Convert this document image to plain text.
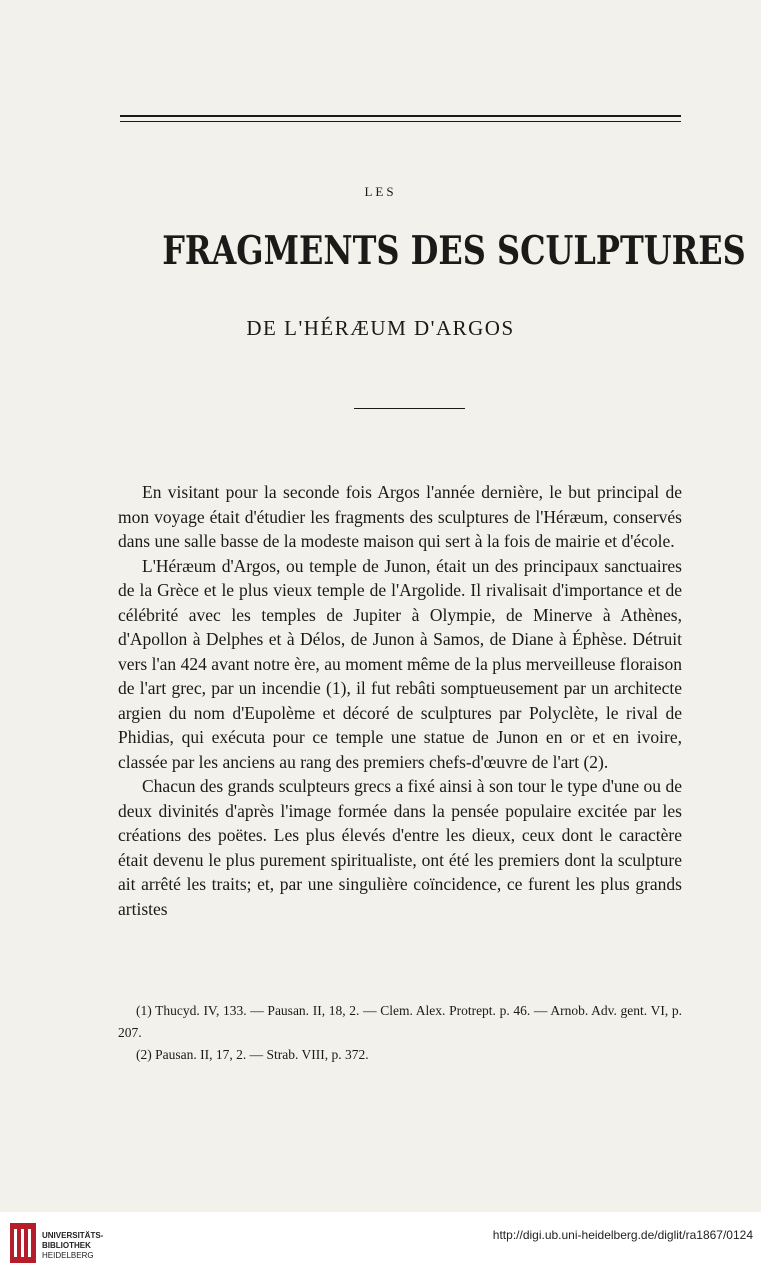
LES
FRAGMENTS DES SCULPTURES
DE L'HÉRÆUM D'ARGOS

En visitant pour la seconde fois Argos l'année dernière, le but principal de mon voyage était d'étudier les fragments des sculptures de l'Héræum, conservés dans une salle basse de la modeste maison qui sert à la fois de mairie et d'école.

L'Héræum d'Argos, ou temple de Junon, était un des principaux sanctuaires de la Grèce et le plus vieux temple de l'Argolide. Il rivalisait d'importance et de célébrité avec les temples de Jupiter à Olympie, de Minerve à Athènes, d'Apollon à Delphes et à Délos, de Junon à Samos, de Diane à Éphèse. Détruit vers l'an 424 avant notre ère, au moment même de la plus merveilleuse floraison de l'art grec, par un incendie (1), il fut rebâti somptueusement par un architecte argien du nom d'Eupolème et décoré de sculptures par Polyclète, le rival de Phidias, qui exécuta pour ce temple une statue de Junon en or et en ivoire, classée par les anciens au rang des premiers chefs-d'œuvre de l'art (2).

Chacun des grands sculpteurs grecs a fixé ainsi à son tour le type d'une ou de deux divinités d'après l'image formée dans la pensée populaire excitée par les créations des poëtes. Les plus élevés d'entre les dieux, ceux dont le caractère était devenu le plus purement spiritualiste, ont été les premiers dont la sculpture ait arrêté les traits; et, par une singulière coïncidence, ce furent les plus grands artistes

(1) Thucyd. IV, 133. — Pausan. II, 18, 2. — Clem. Alex. Protrept. p. 46. — Arnob. Adv. gent. VI, p. 207.

(2) Pausan. II, 17, 2. — Strab. VIII, p. 372.

UNIVERSITÄTS-
BIBLIOTHEK
HEIDELBERG
http://digi.ub.uni-heidelberg.de/diglit/ra1867/0124
